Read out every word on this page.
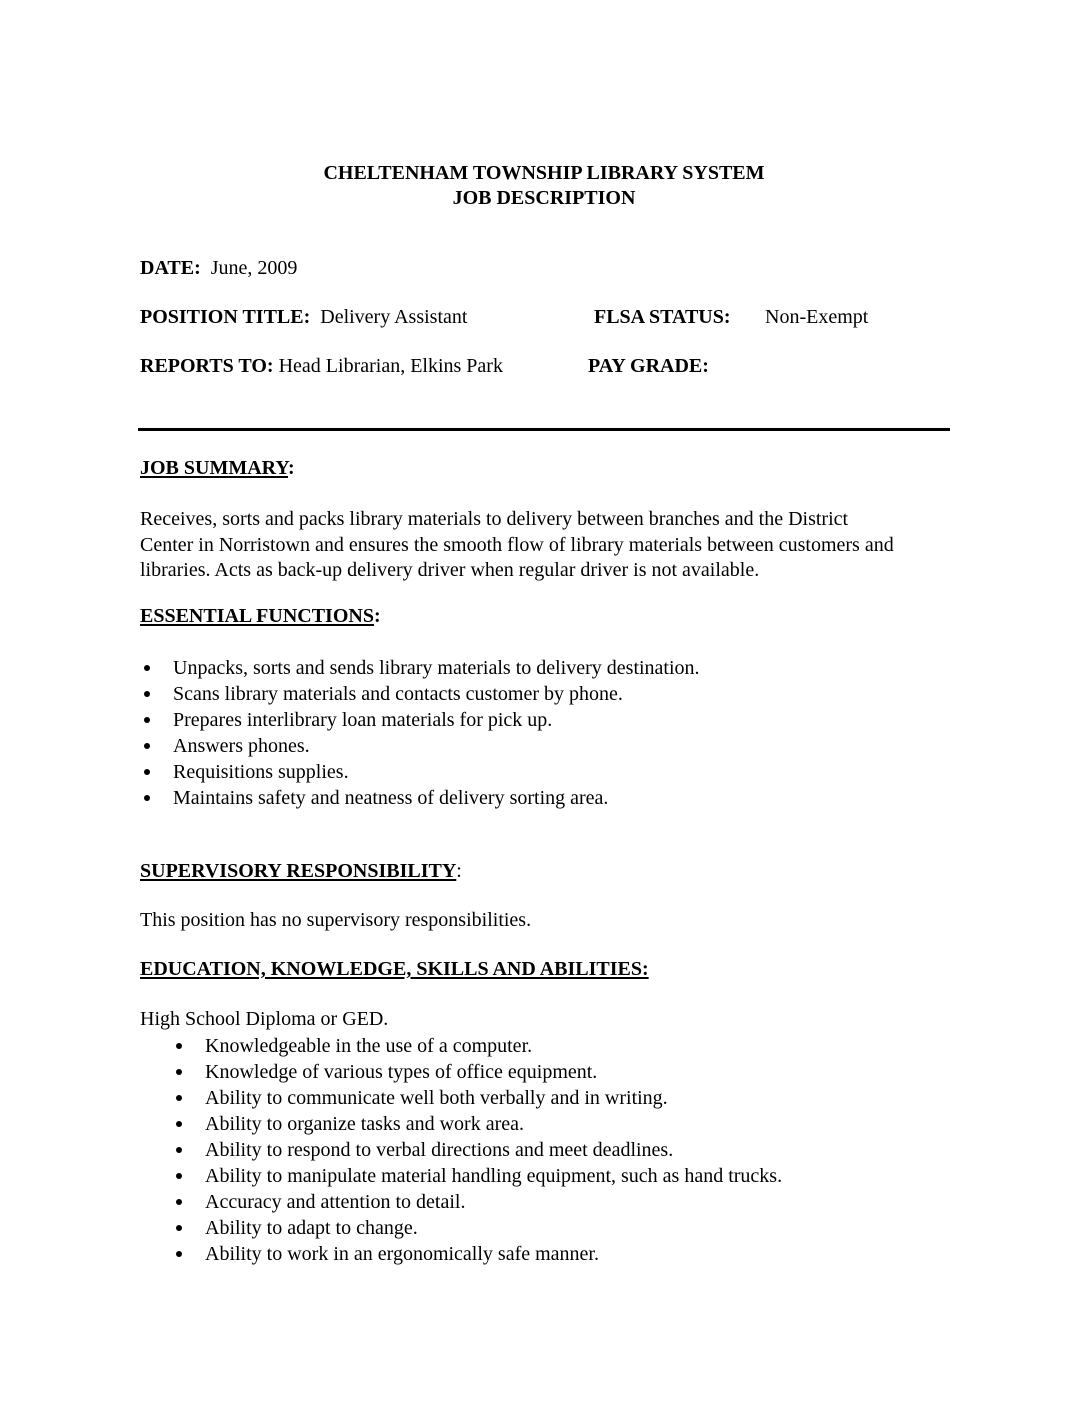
CHELTENHAM TOWNSHIP LIBRARY SYSTEM
JOB DESCRIPTION
DATE: June, 2009
POSITION TITLE: Delivery Assistant	FLSA STATUS: Non-Exempt
REPORTS TO: Head Librarian, Elkins Park	PAY GRADE:
JOB SUMMARY:
Receives, sorts and packs library materials to delivery between branches and the District
Center in Norristown and ensures the smooth flow of library materials between customers and
libraries. Acts as back-up delivery driver when regular driver is not available.
ESSENTIAL FUNCTIONS:
Unpacks, sorts and sends library materials to delivery destination.
Scans library materials and contacts customer by phone.
Prepares interlibrary loan materials for pick up.
Answers phones.
Requisitions supplies.
Maintains safety and neatness of delivery sorting area.
SUPERVISORY RESPONSIBILITY:
This position has no supervisory responsibilities.
EDUCATION, KNOWLEDGE, SKILLS AND ABILITIES:
High School Diploma or GED.
Knowledgeable in the use of a computer.
Knowledge of various types of office equipment.
Ability to communicate well both verbally and in writing.
Ability to organize tasks and work area.
Ability to respond to verbal directions and meet deadlines.
Ability to manipulate material handling equipment, such as hand trucks.
Accuracy and attention to detail.
Ability to adapt to change.
Ability to work in an ergonomically safe manner.
